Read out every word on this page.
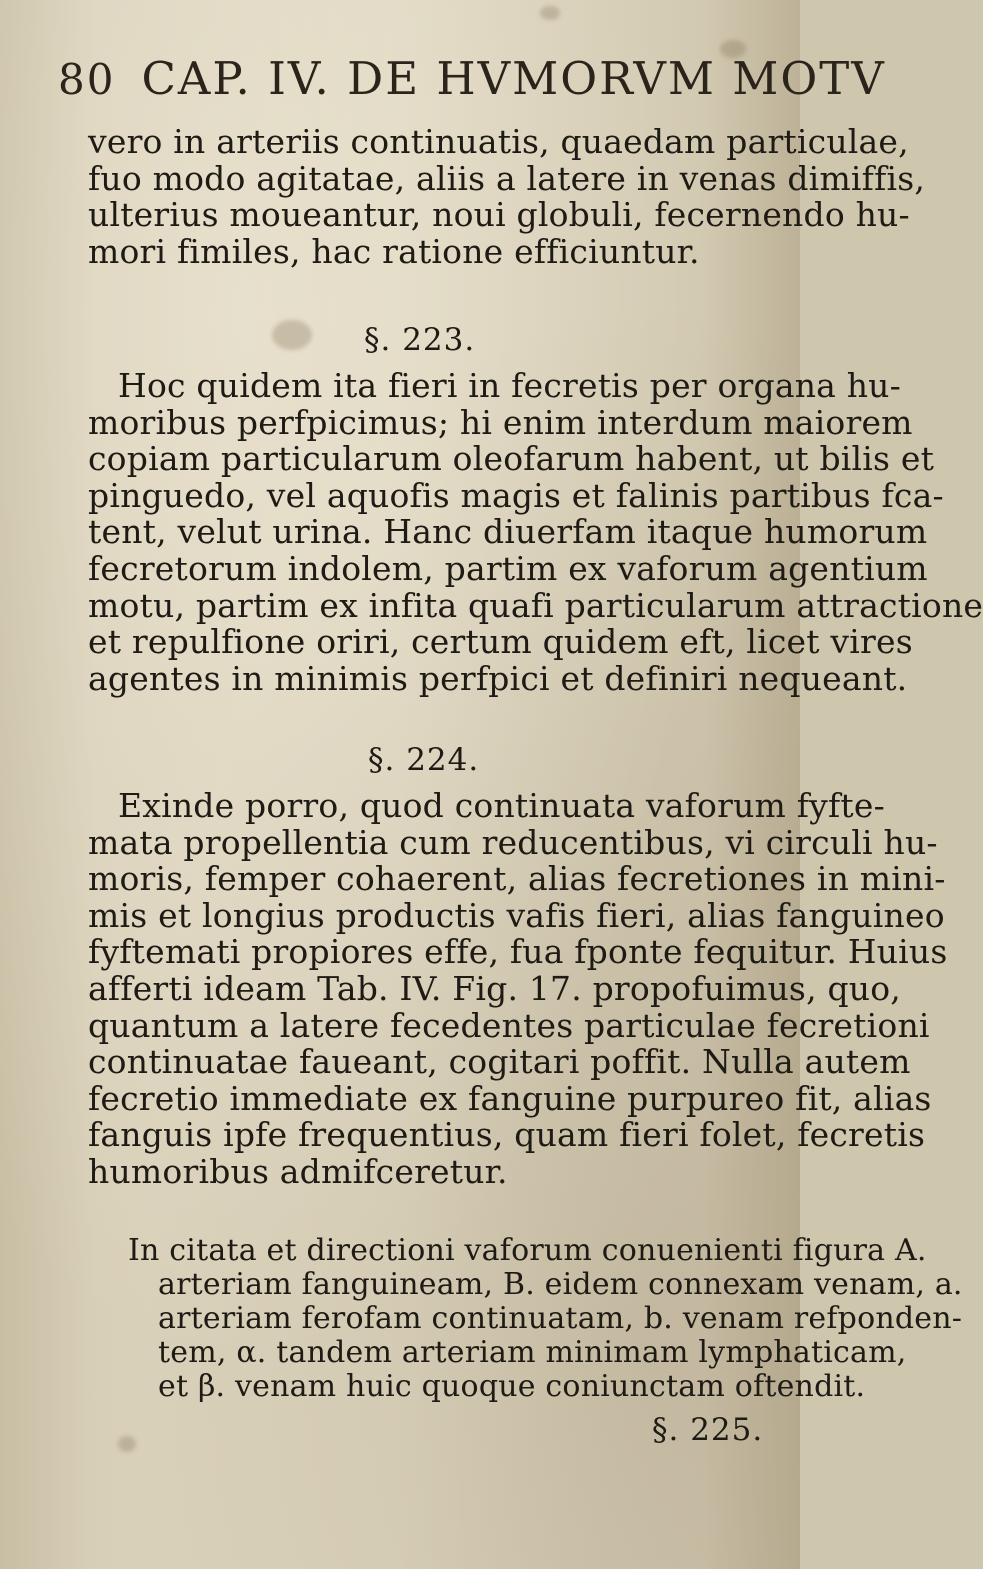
80 CAP. IV. DE HVMORVM MOTV
vero in arteriis continuatis, quaedam particulae,
fuo modo agitatae, aliis a latere in venas dimiffis,
ulterius moueantur, noui globuli, fecernendo hu-
mori fimiles, hac ratione efficiuntur.
§. 223.
Hoc quidem ita fieri in fecretis per organa hu-
moribus perfpicimus; hi enim interdum maiorem
copiam particularum oleofarum habent, ut bilis et
pinguedo, vel aquofis magis et falinis partibus fca-
tent, velut urina. Hanc diuerfam itaque humorum
fecretorum indolem, partim ex vaforum agentium
motu, partim ex infita quafi particularum attractione
et repulfione oriri, certum quidem eft, licet vires
agentes in minimis perfpici et definiri nequeant.
§. 224.
Exinde porro, quod continuata vaforum fyfte-
mata propellentia cum reducentibus, vi circuli hu-
moris, femper cohaerent, alias fecretiones in mini-
mis et longius productis vafis fieri, alias fanguineo
fyftemati propiores effe, fua fponte fequitur. Huius
afferti ideam Tab. IV. Fig. 17. propofuimus, quo,
quantum a latere fecedentes particulae fecretioni
continuatae faueant, cogitari poffit. Nulla autem
fecretio immediate ex fanguine purpureo fit, alias
fanguis ipfe frequentius, quam fieri folet, fecretis
humoribus admifceretur.
In citata et directioni vaforum conuenienti figura A.
arteriam fanguineam, B. eidem connexam venam, a.
arteriam ferofam continuatam, b. venam refponden-
tem, α. tandem arteriam minimam lymphaticam,
et β. venam huic quoque coniunctam oftendit.
§. 225.
